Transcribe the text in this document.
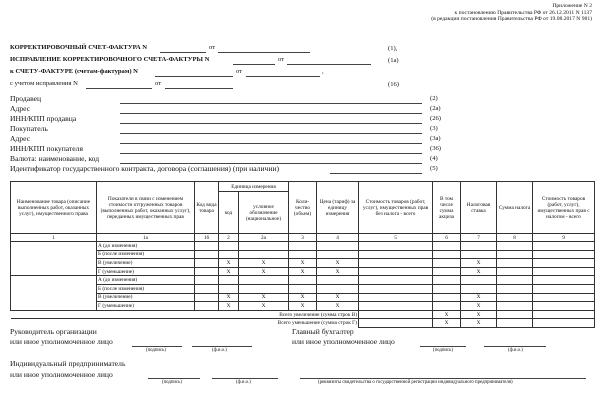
Приложение N 2
к постановлению Правительства РФ от 26.12.2011 N 1137
(в редакции постановления Правительства РФ от 19.08.2017 N 981)
КОРРЕКТИРОВОЧНЫЙ СЧЕТ-ФАКТУРА N	от	(1),
ИСПРАВЛЕНИЕ КОРРЕКТИРОВОЧНОГО СЧЕТА-ФАКТУРЫ N	от	(1а)
к СЧЕТУ-ФАКТУРЕ (счетам-фактурам) N	от	,
с учетом исправления N	от	(16)
Продавец	(2)
Адрес	(2а)
ИНН/КПП продавца	(26)
Покупатель	(3)
Адрес	(3а)
ИНН/КПП покупателя	(36)
Валюта: наименование, код	(4)
Идентификатор государственного контракта, договора (соглашения) (при наличии)	(5)
Наименование товара (описание выполненных работ, оказанных услуг), имущественного права	Показатели в связи с изменением стоимости отгруженных товаров (выполненных работ, оказанных услуг), переданных имущественных прав	Код вида товара	Единица измерения		Коли-чество (объем)	Цена (тариф) за единицу измерения	Стоимость товаров (работ, услуг), имущественных прав без налога - всего	В том числе сумма акциза	Налоговая ставка	Сумма налога	Стоимость товаров (работ, услуг), имущественных прав с налогом - всего
			код	условное обозначение (национальное)							
1	1а	16	2	2а	3	4	5	6	7	8	9
	А (до изменения)										
	Б (после изменения)										
	В (увеличение)		Х	Х	Х	Х			Х		
	Г (уменьшение)		Х	Х	Х	Х			Х		
	А (до изменения)										
	Б (после изменения)										
	В (увеличение)		Х	Х	Х	Х			Х		
	Г (уменьшение)		Х	Х	Х	Х			Х		
Всего увеличение (сумма строк В)								Х	Х		
Всего уменьшение (сумма строк Г)								Х	Х		
Руководитель организации
или иное уполномоченное лицо
(подпись)	(ф.и.о.)
Главный бухгалтер
или иное уполномоченное лицо
(подпись)	(ф.и.о.)
Индивидуальный предприниматель
или иное уполномоченное лицо
(подпись)	(ф.и.о.)	(реквизиты свидетельства о государственной регистрации индивидуального предпринимателя)
